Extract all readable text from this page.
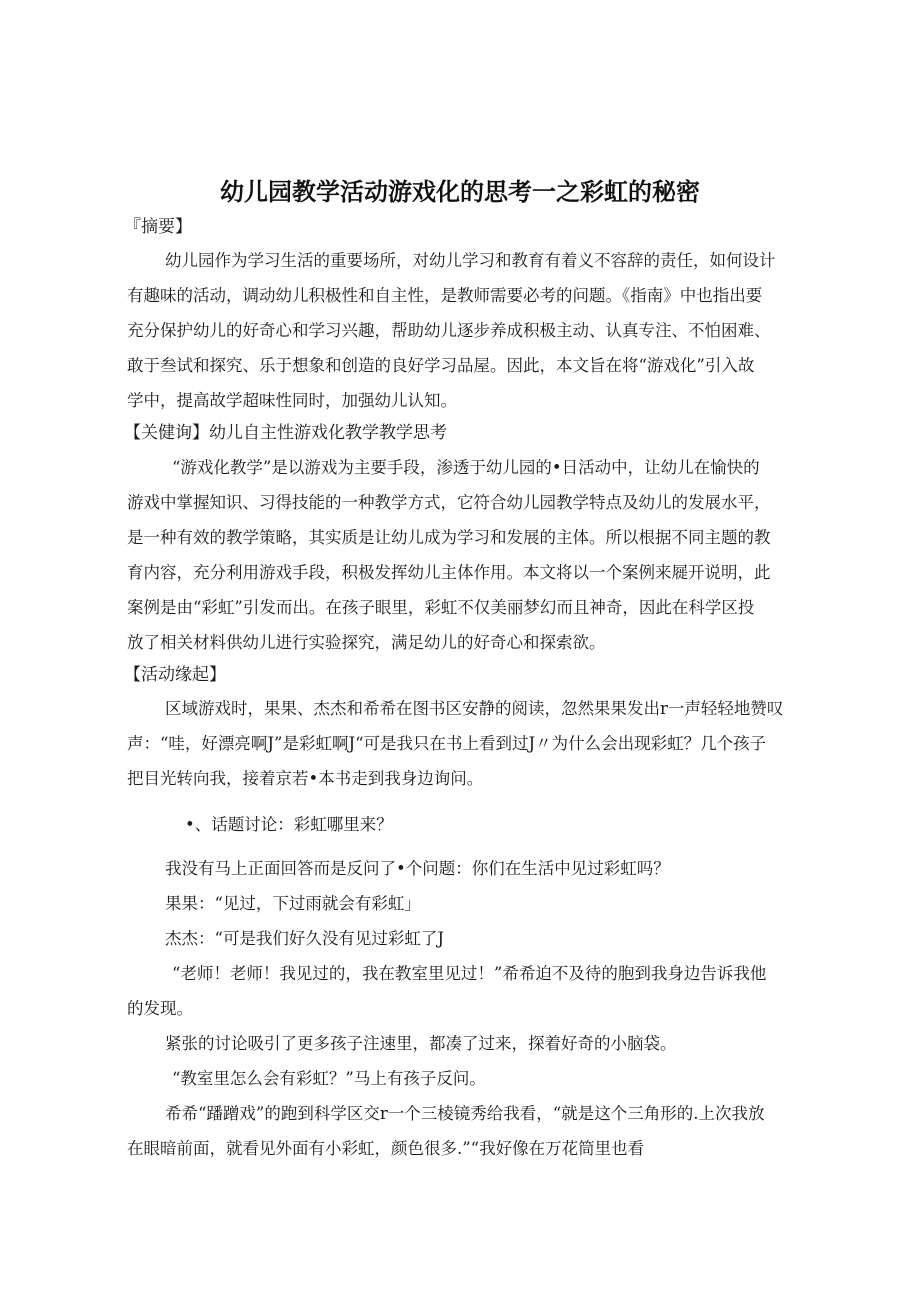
幼儿园教学活动游戏化的思考一之彩虹的秘密
『摘要】
幼儿园作为学习生活的重要场所，对幼儿学习和教育有着义不容辞的责任，如何设计
有趣味的活动，调动幼儿积极性和自主性，是教师需要必考的问题。《指南》中也指出要
充分保护幼儿的好奇心和学习兴趣，帮助幼儿逐步养成积极主动、认真专注、不怕困难、
敢于叁试和探究、乐于想象和创造的良好学习品屋。因此，本文旨在将“游戏化”引入故
学中，提高故学超味性同时，加强幼儿认知。
【关健询】幼儿自主性游戏化教学教学思考
“游戏化教学”是以游戏为主要手段，渗透于幼儿园的•日活动中，让幼儿在愉快的
游戏中掌握知识、习得技能的一种教学方式，它符合幼儿园教学特点及幼儿的发展水平，
是一种有效的教学策略，其实质是让幼儿成为学习和发展的主体。所以根据不同主题的教
育内容，充分利用游戏手段，积极发挥幼儿主体作用。本文将以一个案例来屣开说明，此
案例是由“彩虹”引发而出。在孩子眼里，彩虹不仅美丽梦幻而且神奇，因此在科学区投
放了相关材料供幼儿进行实验探究，满足幼儿的好奇心和探索欲。
【活动缘起】
区域游戏时，果果、杰杰和希希在图书区安静的阅读，忽然果果发出r一声轻轻地赞叹
声：“哇，好漂亮啊J”是彩虹啊J“可是我只在书上看到过J〃为什么会出现彩虹？几个孩子
把目光转向我，接着京若•本书走到我身边询问。
•、话题讨论：彩虹哪里来？
我没有马上正面回答而是反问了•个问题：你们在生活中见过彩虹吗？
果果：“见过，下过雨就会有彩虹」
杰杰：“可是我们好久没有见过彩虹了J
“老师！老师！我见过的，我在教室里见过！”希希迫不及待的胞到我身边告诉我他
的发现。
紧张的讨论吸引了更多孩子注速里，都凑了过来，探着好奇的小脑袋。
“教室里怎么会有彩虹？”马上有孩子反问。
希希“蹯蹭戏”的跑到科学区交r一个三棱镜秀给我看，“就是这个三角形的.上次我放
在眼暗前面，就看见外面有小彩虹，颜色很多.”“我好像在万花筒里也看
